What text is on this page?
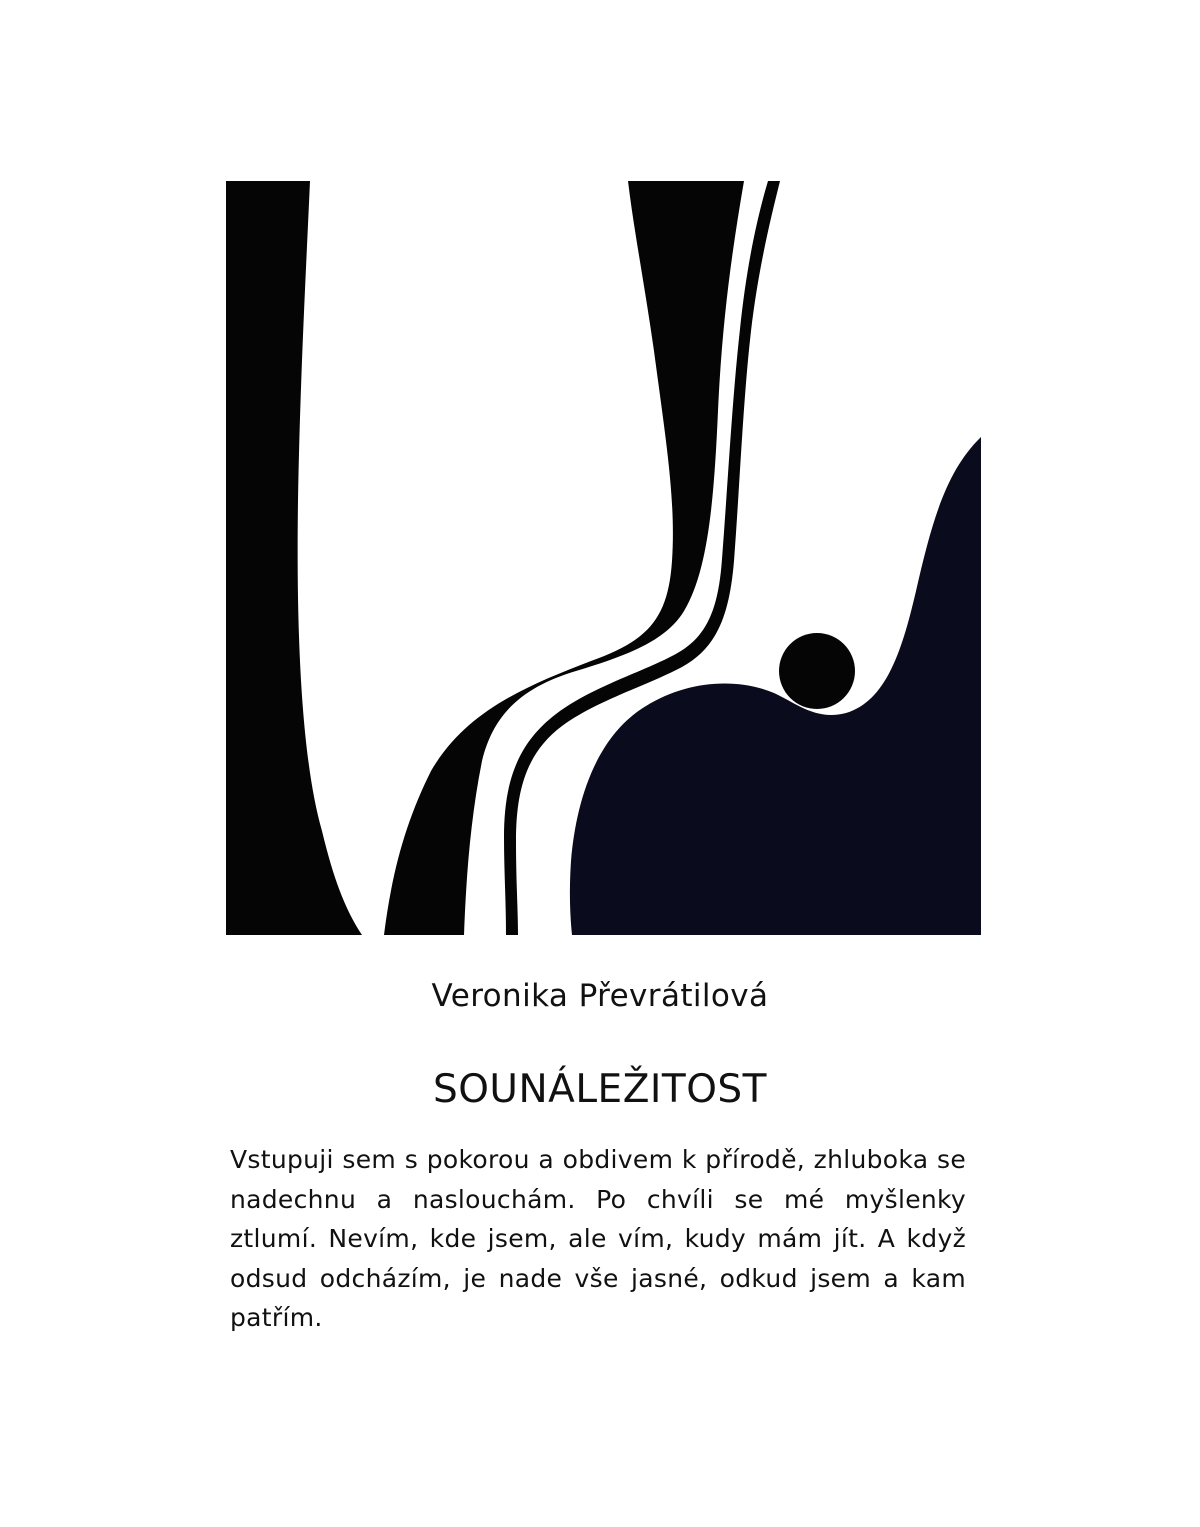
Veronika Převrátilová
SOUNÁLEŽITOST
Vstupuji sem s pokorou a obdivem k přírodě, zhluboka se nadechnu a naslouchám. Po chvíli se mé myšlenky ztlumí. Nevím, kde jsem, ale vím, kudy mám jít. A když odsud odcházím, je nade vše jasné, odkud jsem a kam patřím.
